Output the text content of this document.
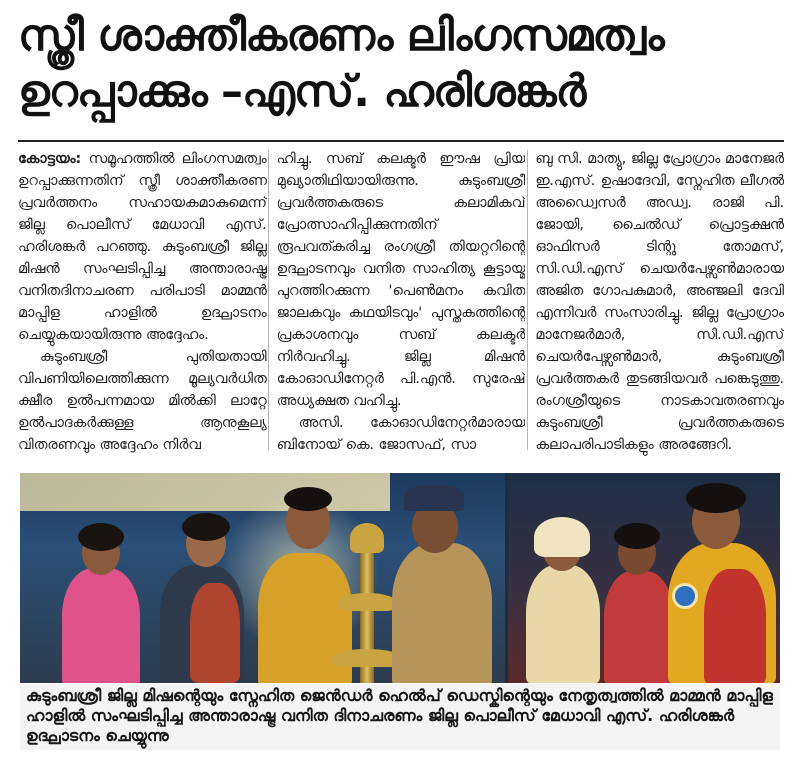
സ്ത്രീ ശാക്തീകരണം ലിംഗസമത്വം
ഉറപ്പാക്കും –എസ്. ഹരിശങ്കർ

കോട്ടയം: സമൂഹത്തിൽ ലിംഗസമത്വം ഉറപ്പാക്കുന്നതിന് സ്ത്രീ ശാക്തീകരണ പ്രവർത്തനം സഹായകമാകുമെന്ന് ജില്ല പൊലീസ് മേധാവി എസ്. ഹരിശങ്കർ പറഞ്ഞു. കുടുംബശ്രീ ജില്ല മിഷൻ സംഘടിപ്പിച്ച അന്താരാഷ്ട്ര വനിതദിനാചരണ പരിപാടി മാമ്മൻ മാപ്പിള ഹാളിൽ ഉദ്ഘാടനം ചെയ്യുകയായിരുന്നു അദ്ദേഹം.

കുടുംബശ്രീ പുതിയതായി വിപണിയിലെത്തിക്കുന്ന മൂല്യവർധിത ക്ഷീര ഉൽപന്നമായ മിൽക്കി ലാറ്റേ ഉൽപാദകർക്കുള്ള ആനുകൂല്യ വിതരണവും അദ്ദേഹം നിർവ

ഹിച്ചു. സബ് കലക്ടർ ഈഷ പ്രിയ മുഖ്യാതിഥിയായിരുന്നു. കുടുംബശ്രീ പ്രവർത്തകരുടെ കലാമികവ് പ്രോത്സാഹിപ്പിക്കുന്നതിന് രൂപവത്കരിച്ച രംഗശ്രീ തിയറ്ററിന്റെ ഉദ്ഘാടനവും വനിത സാഹിത്യ കൂട്ടായ്മ പുറത്തിറക്കുന്ന 'പെൺമനം കവിത ജാലകവും കഥയിടവും' പുസ്തകത്തിന്റെ പ്രകാശനവും സബ് കലക്ടർ നിർവഹിച്ചു. ജില്ല മിഷൻ കോഓഡിനേറ്റർ പി.എൻ. സുരേഷ് അധ്യക്ഷത വഹിച്ചു.

അസി. കോഓഡിനേറ്റർമാരായ ബിനോയ് കെ. ജോസഫ്, സാ

ബു സി. മാത്യു, ജില്ല പ്രോഗ്രാം മാനേജർ ഇ.എസ്. ഉഷാദേവി, സ്നേഹിത ലീഗൽ അഡ്വൈസർ അഡ്വ. രാജി പി. ജോയി, ചൈൽഡ് പ്രൊട്ടക്ഷൻ ഓഫിസർ ടിന്റു തോമസ്, സി.ഡി.എസ് ചെയർപേഴ്സൺമാരായ അജിത ഗോപകുമാർ, അഞ്ജലി ദേവി എന്നിവർ സംസാരിച്ചു. ജില്ല പ്രോഗ്രാം മാനേജർമാർ, സി.ഡി.എസ് ചെയർപേഴ്സൺമാർ, കുടുംബശ്രീ പ്രവർത്തകർ തുടങ്ങിയവർ പങ്കെടുത്തു. രംഗശ്രീയുടെ നാടകാവതരണവും കുടുംബശ്രീ പ്രവർത്തകരുടെ കലാപരിപാടികളും അരങ്ങേറി.

കുടുംബശ്രീ ജില്ല മിഷന്റെയും സ്നേഹിത ജെൻഡർ ഹെൽപ് ഡെസ്കിന്റെയും നേതൃത്വത്തിൽ മാമ്മൻ മാപ്പിള ഹാളിൽ സംഘടിപ്പിച്ച അന്താരാഷ്ട്ര വനിത ദിനാചരണം ജില്ല പൊലീസ് മേധാവി എസ്. ഹരിശങ്കർ ഉദ്ഘാടനം ചെയ്യുന്നു
